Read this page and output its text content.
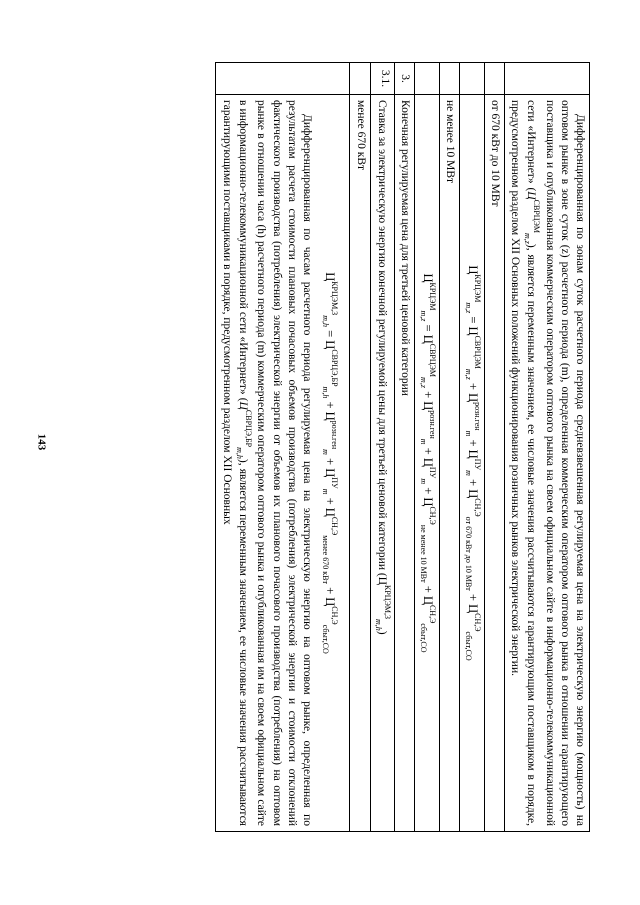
143
		Дифференцированная по зонам суток расчетного периода средневзвешенная регулируемая цена на электрическую энергию (мощность) на оптовом рынке в зоне суток (z) расчетного периода (m), определенная коммерческим оператором оптового рынка в отношении гарантирующего поставщика и опубликованная коммерческим оператором оптового рынка на своем официальном сайте в информационно-телекоммуникационной сети «Интернет» $(Ц^{СВРЦЭМ}_{m,z})$, является переменным значением, ее числовые значения рассчитываются гарантирующим поставщиком в порядке, предусмотренном разделом XII Основных положений функционирования розничных рынков электрической энергии.
	от 670 кВт до 10 МВт
	$Ц^{КРЦЭМ}_{m,z} = Ц^{СВРЦЭМ}_{m,z} + Ц^{розн.ген}_m + Ц^{ПУ}_m + Ц^{СН,Э}_{от 670 кВт до 10 МВт} + Ц^{СН,Э}_{сбыт,СО}$
	не менее 10 МВт
	$Ц^{КРЦЭМ}_{m,z} = Ц^{СВРЦЭМ}_{m,z} + Ц^{розн.ген}_m + Ц^{ПУ}_m + Ц^{СН,Э}_{не менее 10 МВт} + Ц^{СН,Э}_{сбыт,СО}$
3.	Конечная регулируемая цена для третьей ценовой категории
3.1.	Ставка за электрическую энергию конечной регулируемой цены для третьей ценовой категории $(Ц^{КРЦЭМ,З}_{m,h})$
	менее 670 кВт

	$Ц^{КРЦЭМ,З}_{m,h} = Ц^{СВРЦЭ,БР}_{m,h} + Ц^{розн.ген}_m + Ц^{ПУ}_m + Ц^{СН,Э}_{менее 670 кВт} + Ц^{СН,Э}_{сбыт,СО}$
Дифференцированная по часам расчетного периода регулируемая цена на электрическую энергию на оптовом рынке, определенная по результатам расчета стоимости плановых почасовых объемов производства (потребления) электрической энергии и стоимости отклонений фактического производства (потребления) электрической энергии от объемов их планового почасового производства (потребления) на оптовом рынке в отношении часа (h) расчетного периода (m) коммерческим оператором оптового рынка и опубликованная им на своем официальном сайте в информационно-телекоммуникационной сети «Интернет» $(Ц^{СВРЦЭ,БР}_{m,h})$, является переменным значением, ее числовые значения рассчитываются гарантирующими поставщиками в порядке, предусмотренном разделом XII Основных
